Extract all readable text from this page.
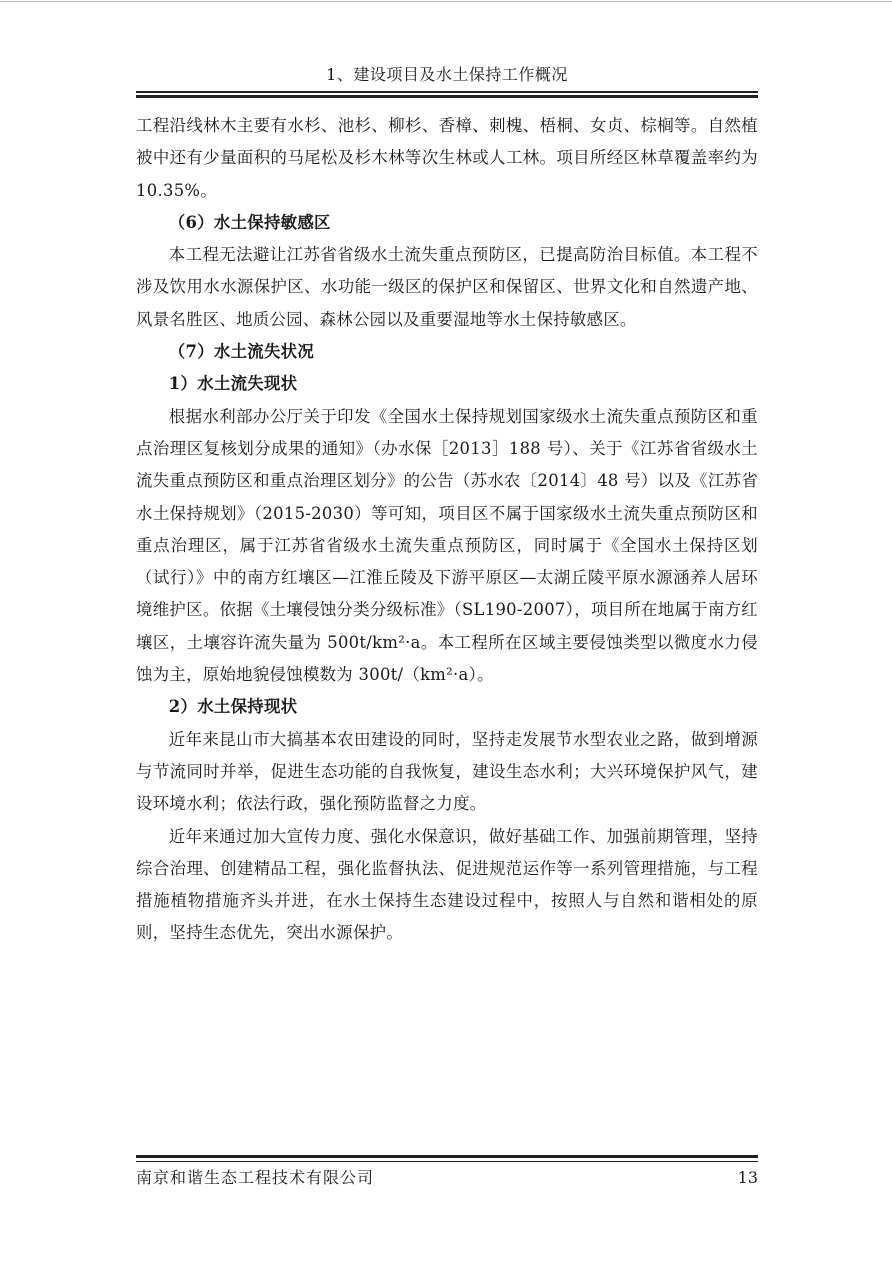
1、建设项目及水土保持工作概况

工程沿线林木主要有水杉、池杉、柳杉、香樟、刺槐、梧桐、女贞、棕榈等。自然植被中还有少量面积的马尾松及杉木林等次生林或人工林。项目所经区林草覆盖率约为 10.35%。

（6）水土保持敏感区

本工程无法避让江苏省省级水土流失重点预防区，已提高防治目标值。本工程不涉及饮用水水源保护区、水功能一级区的保护区和保留区、世界文化和自然遗产地、风景名胜区、地质公园、森林公园以及重要湿地等水土保持敏感区。

（7）水土流失状况

1）水土流失现状

根据水利部办公厅关于印发《全国水土保持规划国家级水土流失重点预防区和重点治理区复核划分成果的通知》（办水保［2013］188 号）、关于《江苏省省级水土流失重点预防区和重点治理区划分》的公告（苏水农〔2014〕48 号）以及《江苏省水土保持规划》（2015-2030）等可知，项目区不属于国家级水土流失重点预防区和重点治理区，属于江苏省省级水土流失重点预防区，同时属于《全国水土保持区划（试行）》中的南方红壤区—江淮丘陵及下游平原区—太湖丘陵平原水源涵养人居环境维护区。依据《土壤侵蚀分类分级标准》（SL190-2007），项目所在地属于南方红壤区，土壤容许流失量为 500t/km²·a。本工程所在区域主要侵蚀类型以微度水力侵蚀为主，原始地貌侵蚀模数为 300t/（km²·a）。

2）水土保持现状

近年来昆山市大搞基本农田建设的同时，坚持走发展节水型农业之路，做到增源与节流同时并举，促进生态功能的自我恢复，建设生态水利；大兴环境保护风气，建设环境水利；依法行政，强化预防监督之力度。

近年来通过加大宣传力度、强化水保意识，做好基础工作、加强前期管理，坚持综合治理、创建精品工程，强化监督执法、促进规范运作等一系列管理措施，与工程措施植物措施齐头并进，在水土保持生态建设过程中，按照人与自然和谐相处的原则，坚持生态优先，突出水源保护。

南京和谐生态工程技术有限公司	13
